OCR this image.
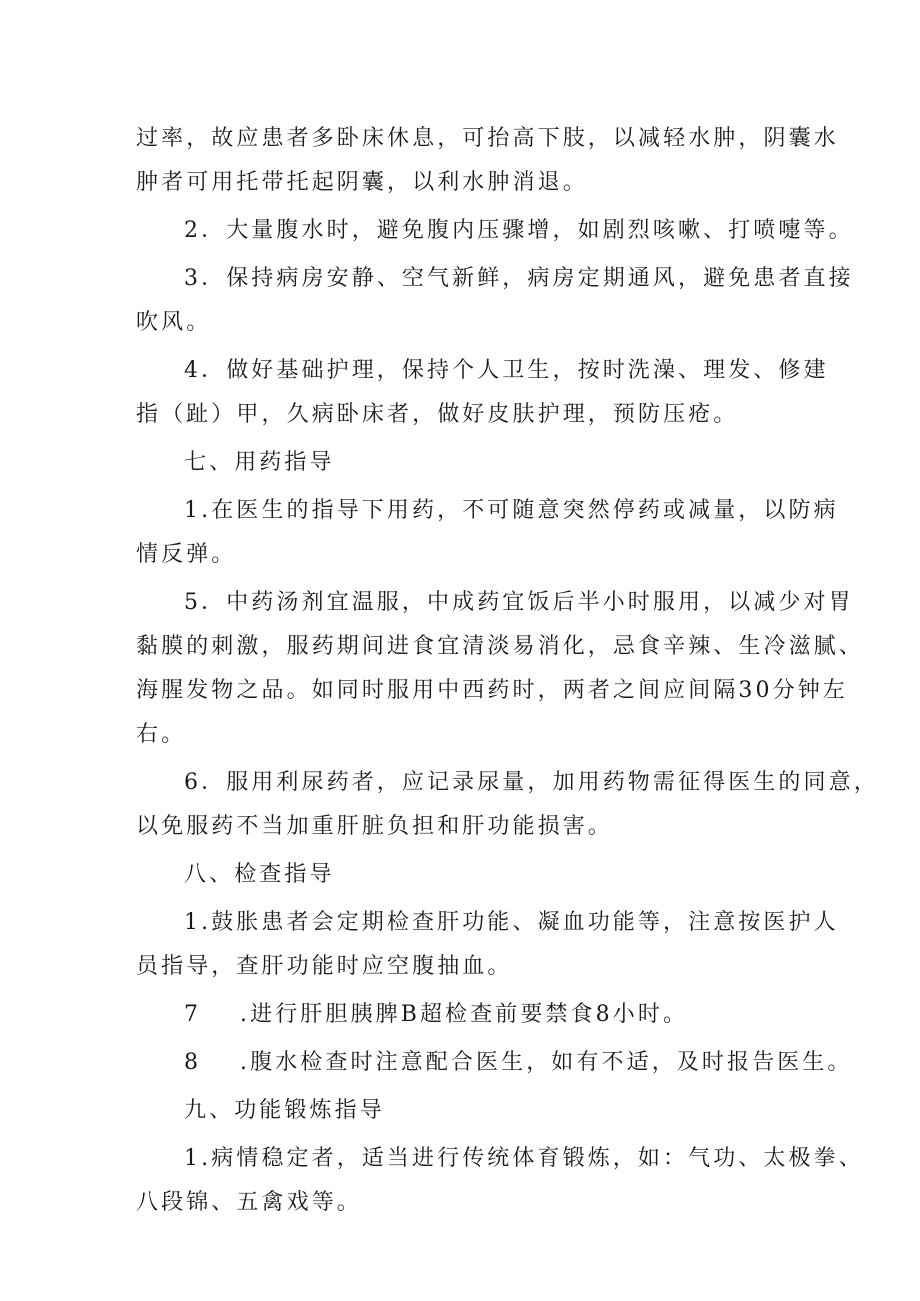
过率，故应患者多卧床休息，可抬高下肢，以减轻水肿，阴囊水
肿者可用托带托起阴囊，以利水肿消退。
2．大量腹水时，避免腹内压骤增，如剧烈咳嗽、打喷嚏等。
3．保持病房安静、空气新鲜，病房定期通风，避免患者直接
吹风。
4．做好基础护理，保持个人卫生，按时洗澡、理发、修建
指（趾）甲，久病卧床者，做好皮肤护理，预防压疮。
七、用药指导
1.在医生的指导下用药，不可随意突然停药或减量，以防病
情反弹。
5．中药汤剂宜温服，中成药宜饭后半小时服用，以减少对胃
黏膜的刺激，服药期间进食宜清淡易消化，忌食辛辣、生冷滋腻、
海腥发物之品。如同时服用中西药时，两者之间应间隔30分钟左
右。
6．服用利尿药者，应记录尿量，加用药物需征得医生的同意，
以免服药不当加重肝脏负担和肝功能损害。
八、检查指导
1.鼓胀患者会定期检查肝功能、凝血功能等，注意按医护人
员指导，查肝功能时应空腹抽血。
7 .进行肝胆胰脾B超检查前要禁食8小时。
8 .腹水检查时注意配合医生，如有不适，及时报告医生。
九、功能锻炼指导
1.病情稳定者，适当进行传统体育锻炼，如：气功、太极拳、
八段锦、五禽戏等。
